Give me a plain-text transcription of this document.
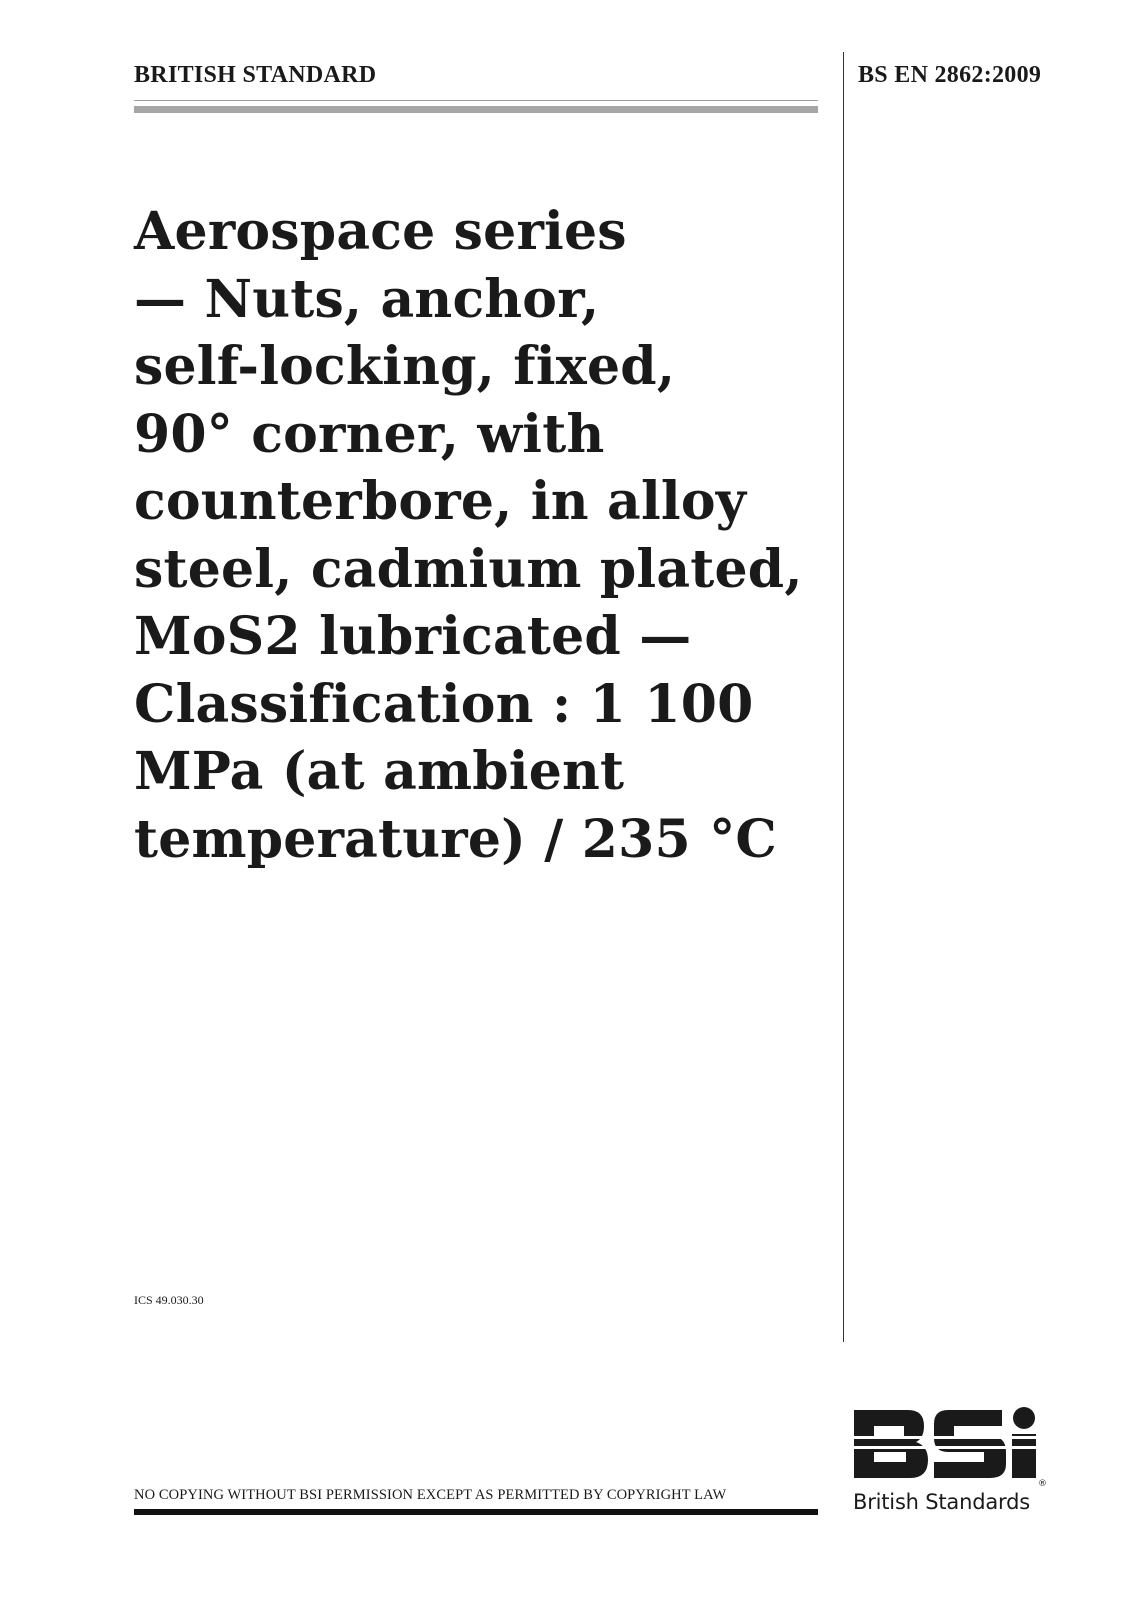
BRITISH STANDARD	BS EN 2862:2009
Aerospace series
— Nuts, anchor,
self-locking, fixed,
90° corner, with
counterbore, in alloy
steel, cadmium plated,
MoS2 lubricated —
Classification : 1 100
MPa (at ambient
temperature) / 235 °C
ICS 49.030.30
NO COPYING WITHOUT BSI PERMISSION EXCEPT AS PERMITTED BY COPYRIGHT LAW
®
British Standards
